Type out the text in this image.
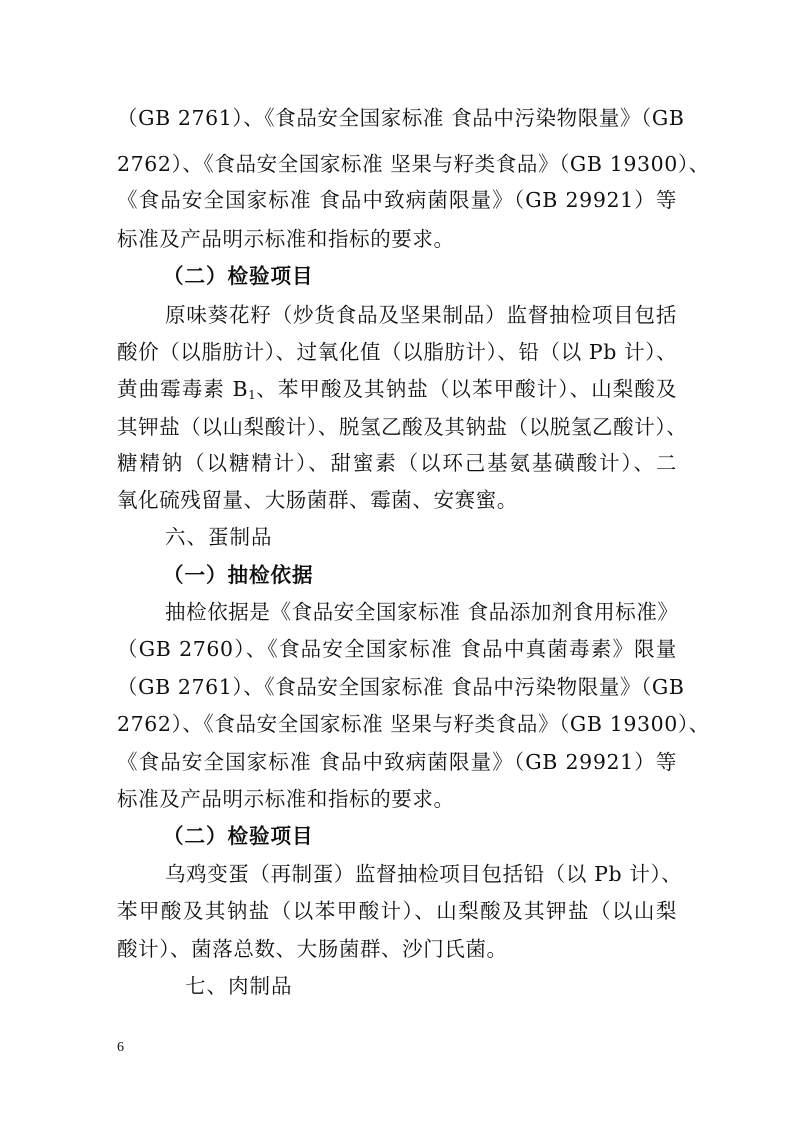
（GB 2761）、《食品安全国家标准 食品中污染物限量》（GB
2762）、《食品安全国家标准 坚果与籽类食品》（GB 19300）、
《食品安全国家标准 食品中致病菌限量》（GB 29921）等
标准及产品明示标准和指标的要求。
（二）检验项目
原味葵花籽（炒货食品及坚果制品）监督抽检项目包括
酸价（以脂肪计）、过氧化值（以脂肪计）、铅（以 Pb 计）、
黄曲霉毒素 $B_1$、苯甲酸及其钠盐（以苯甲酸计）、山梨酸及
其钾盐（以山梨酸计）、脱氢乙酸及其钠盐（以脱氢乙酸计）、
糖精钠（以糖精计）、甜蜜素（以环己基氨基磺酸计）、二
氧化硫残留量、大肠菌群、霉菌、安赛蜜。
六、蛋制品
（一）抽检依据
抽检依据是《食品安全国家标准 食品添加剂食用标准》
（GB 2760）、《食品安全国家标准 食品中真菌毒素》限量
（GB 2761）、《食品安全国家标准 食品中污染物限量》（GB
2762）、《食品安全国家标准 坚果与籽类食品》（GB 19300）、
《食品安全国家标准 食品中致病菌限量》（GB 29921）等
标准及产品明示标准和指标的要求。
（二）检验项目
乌鸡变蛋（再制蛋）监督抽检项目包括铅（以 Pb 计）、
苯甲酸及其钠盐（以苯甲酸计）、山梨酸及其钾盐（以山梨
酸计）、菌落总数、大肠菌群、沙门氏菌。
七、肉制品
6
